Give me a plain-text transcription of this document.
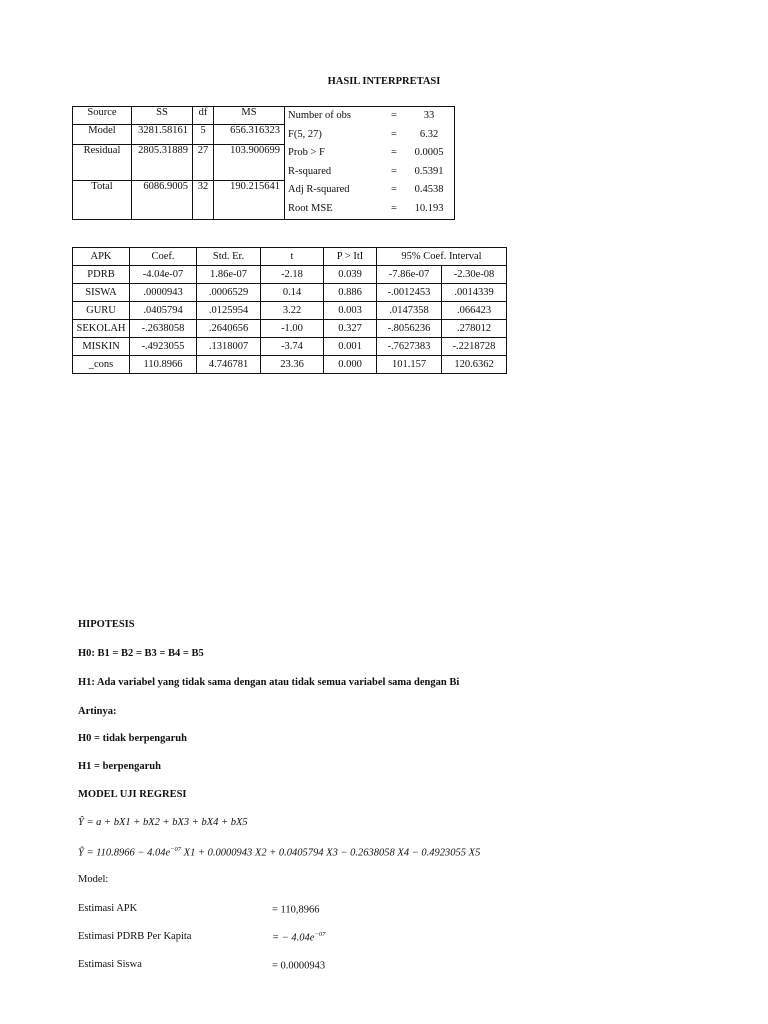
HASIL INTERPRETASI
Source	SS	df	MS		Number of obs	=	33
F(5, 27)	=	6.32
Prob > F	=	0.0005
R-squared	=	0.5391
Adj R-squared	=	0.4538
Root MSE	=	10.193

Model	3281.58161	5	656.316323
Residual	2805.31889	27	103.900699
Total	6086.9005	32	190.215641
APK	Coef.	Std. Er.	t	P > ItI	95% Coef. Interval	
PDRB	-4.04e-07	1.86e-07	-2.18	0.039	-7.86e-07	-2.30e-08
SISWA	.0000943	.0006529	0.14	0.886	-.0012453	.0014339
GURU	.0405794	.0125954	3.22	0.003	.0147358	.066423
SEKOLAH	-.2638058	.2640656	-1.00	0.327	-.8056236	.278012
MISKIN	-.4923055	.1318007	-3.74	0.001	-.7627383	-.2218728
_cons	110.8966	4.746781	23.36	0.000	101.157	120.6362
HIPOTESIS
H0: B1 = B2 = B3 = B4 = B5
H1: Ada variabel yang tidak sama dengan atau tidak semua variabel sama dengan Bi
Artinya:
H0 = tidak berpengaruh
H1 = berpengaruh
MODEL UJI REGRESI
Ŷ = a + bX1 + bX2 + bX3 + bX4 + bX5
Ŷ = $110.8966 - 4.04e^{-07}$ X1 + 0.0000943 X2 + 0.0405794 X3 − 0.2638058 X4 − 0.4923055 X5
Model:
Estimasi APK	= 110,8966
Estimasi PDRB Per Kapita	= − $4.04e^{-07}$
Estimasi Siswa	= 0.0000943
